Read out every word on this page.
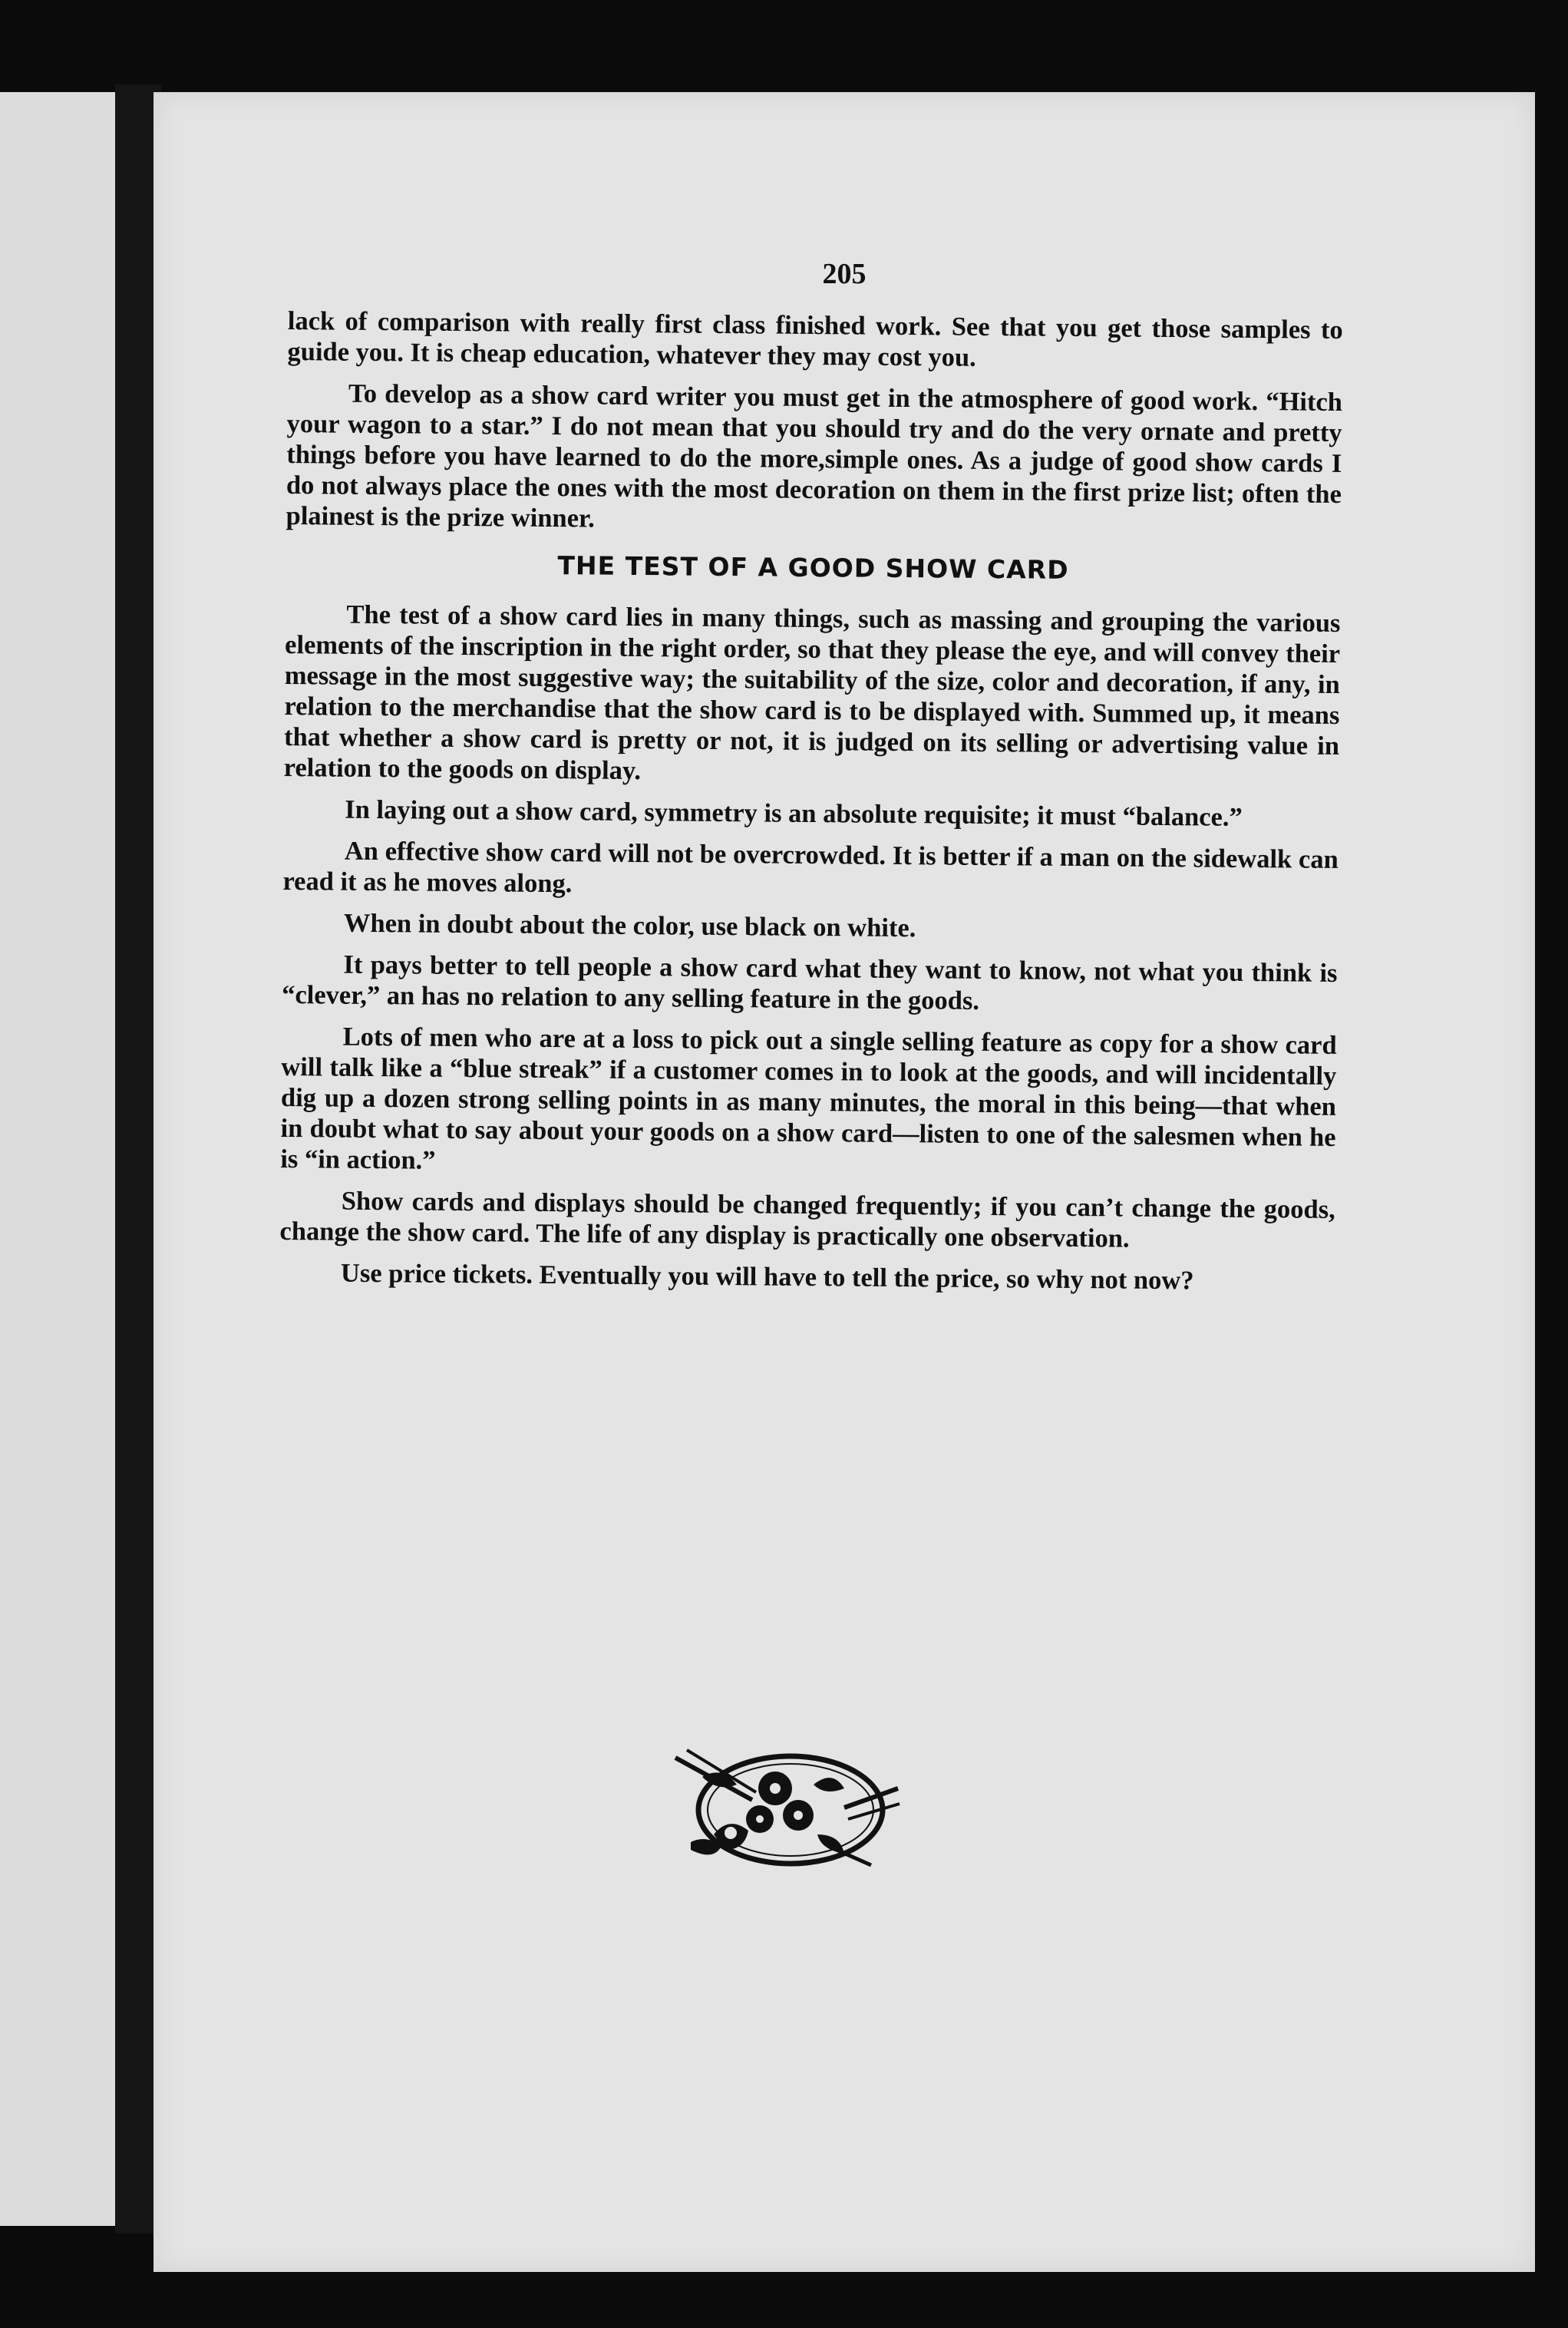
205

lack of comparison with really first class finished work. See that you get those samples to guide you. It is cheap education, whatever they may cost you.

To develop as a show card writer you must get in the atmosphere of good work. “Hitch your wagon to a star.” I do not mean that you should try and do the very ornate and pretty things before you have learned to do the more,simple ones. As a judge of good show cards I do not always place the ones with the most decoration on them in the first prize list; often the plainest is the prize winner.

THE TEST OF A GOOD SHOW CARD

The test of a show card lies in many things, such as massing and grouping the various elements of the inscription in the right order, so that they please the eye, and will convey their message in the most suggestive way; the suitability of the size, color and decoration, if any, in relation to the merchandise that the show card is to be displayed with. Summed up, it means that whether a show card is pretty or not, it is judged on its selling or advertising value in relation to the goods on display.

In laying out a show card, symmetry is an absolute requisite; it must “balance.”

An effective show card will not be overcrowded. It is better if a man on the sidewalk can read it as he moves along.

When in doubt about the color, use black on white.

It pays better to tell people a show card what they want to know, not what you think is “clever,” an has no relation to any selling feature in the goods.

Lots of men who are at a loss to pick out a single selling feature as copy for a show card will talk like a “blue streak” if a customer comes in to look at the goods, and will incidentally dig up a dozen strong selling points in as many minutes, the moral in this being—that when in doubt what to say about your goods on a show card—listen to one of the salesmen when he is “in action.”

Show cards and displays should be changed frequently; if you can’t change the goods, change the show card. The life of any display is practically one observation.

Use price tickets. Eventually you will have to tell the price, so why not now?
